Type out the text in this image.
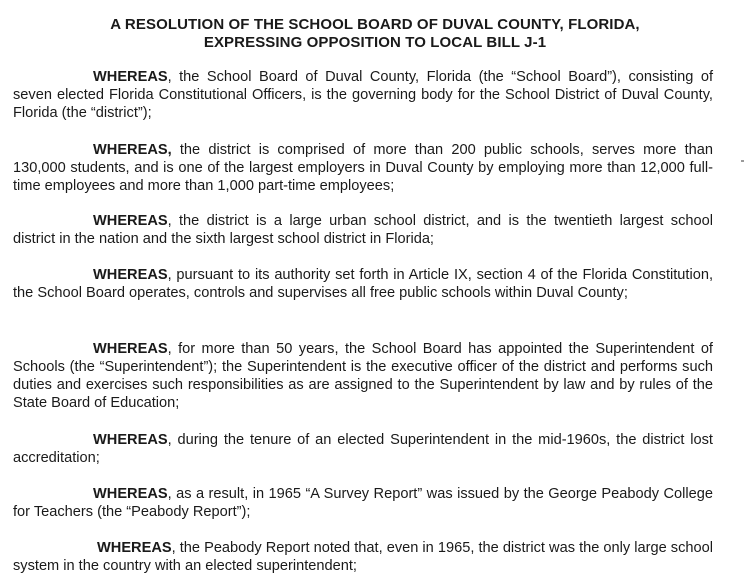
A RESOLUTION OF THE SCHOOL BOARD OF DUVAL COUNTY, FLORIDA,
EXPRESSING OPPOSITION TO LOCAL BILL J-1
WHEREAS, the School Board of Duval County, Florida (the “School Board”), consisting of seven elected Florida Constitutional Officers, is the governing body for the School District of Duval County, Florida (the “district”);
WHEREAS, the district is comprised of more than 200 public schools, serves more than 130,000 students, and is one of the largest employers in Duval County by employing more than 12,000 full-time employees and more than 1,000 part-time employees;
WHEREAS, the district is a large urban school district, and is the twentieth largest school district in the nation and the sixth largest school district in Florida;
WHEREAS, pursuant to its authority set forth in Article IX, section 4 of the Florida Constitution, the School Board operates, controls and supervises all free public schools within Duval County;
WHEREAS, for more than 50 years, the School Board has appointed the Superintendent of Schools (the “Superintendent”); the Superintendent is the executive officer of the district and performs such duties and exercises such responsibilities as are assigned to the Superintendent by law and by rules of the State Board of Education;
WHEREAS, during the tenure of an elected Superintendent in the mid-1960s, the district lost accreditation;
WHEREAS, as a result, in 1965 “A Survey Report” was issued by the George Peabody College for Teachers (the “Peabody Report”);
WHEREAS, the Peabody Report noted that, even in 1965, the district was the only large school system in the country with an elected superintendent;
